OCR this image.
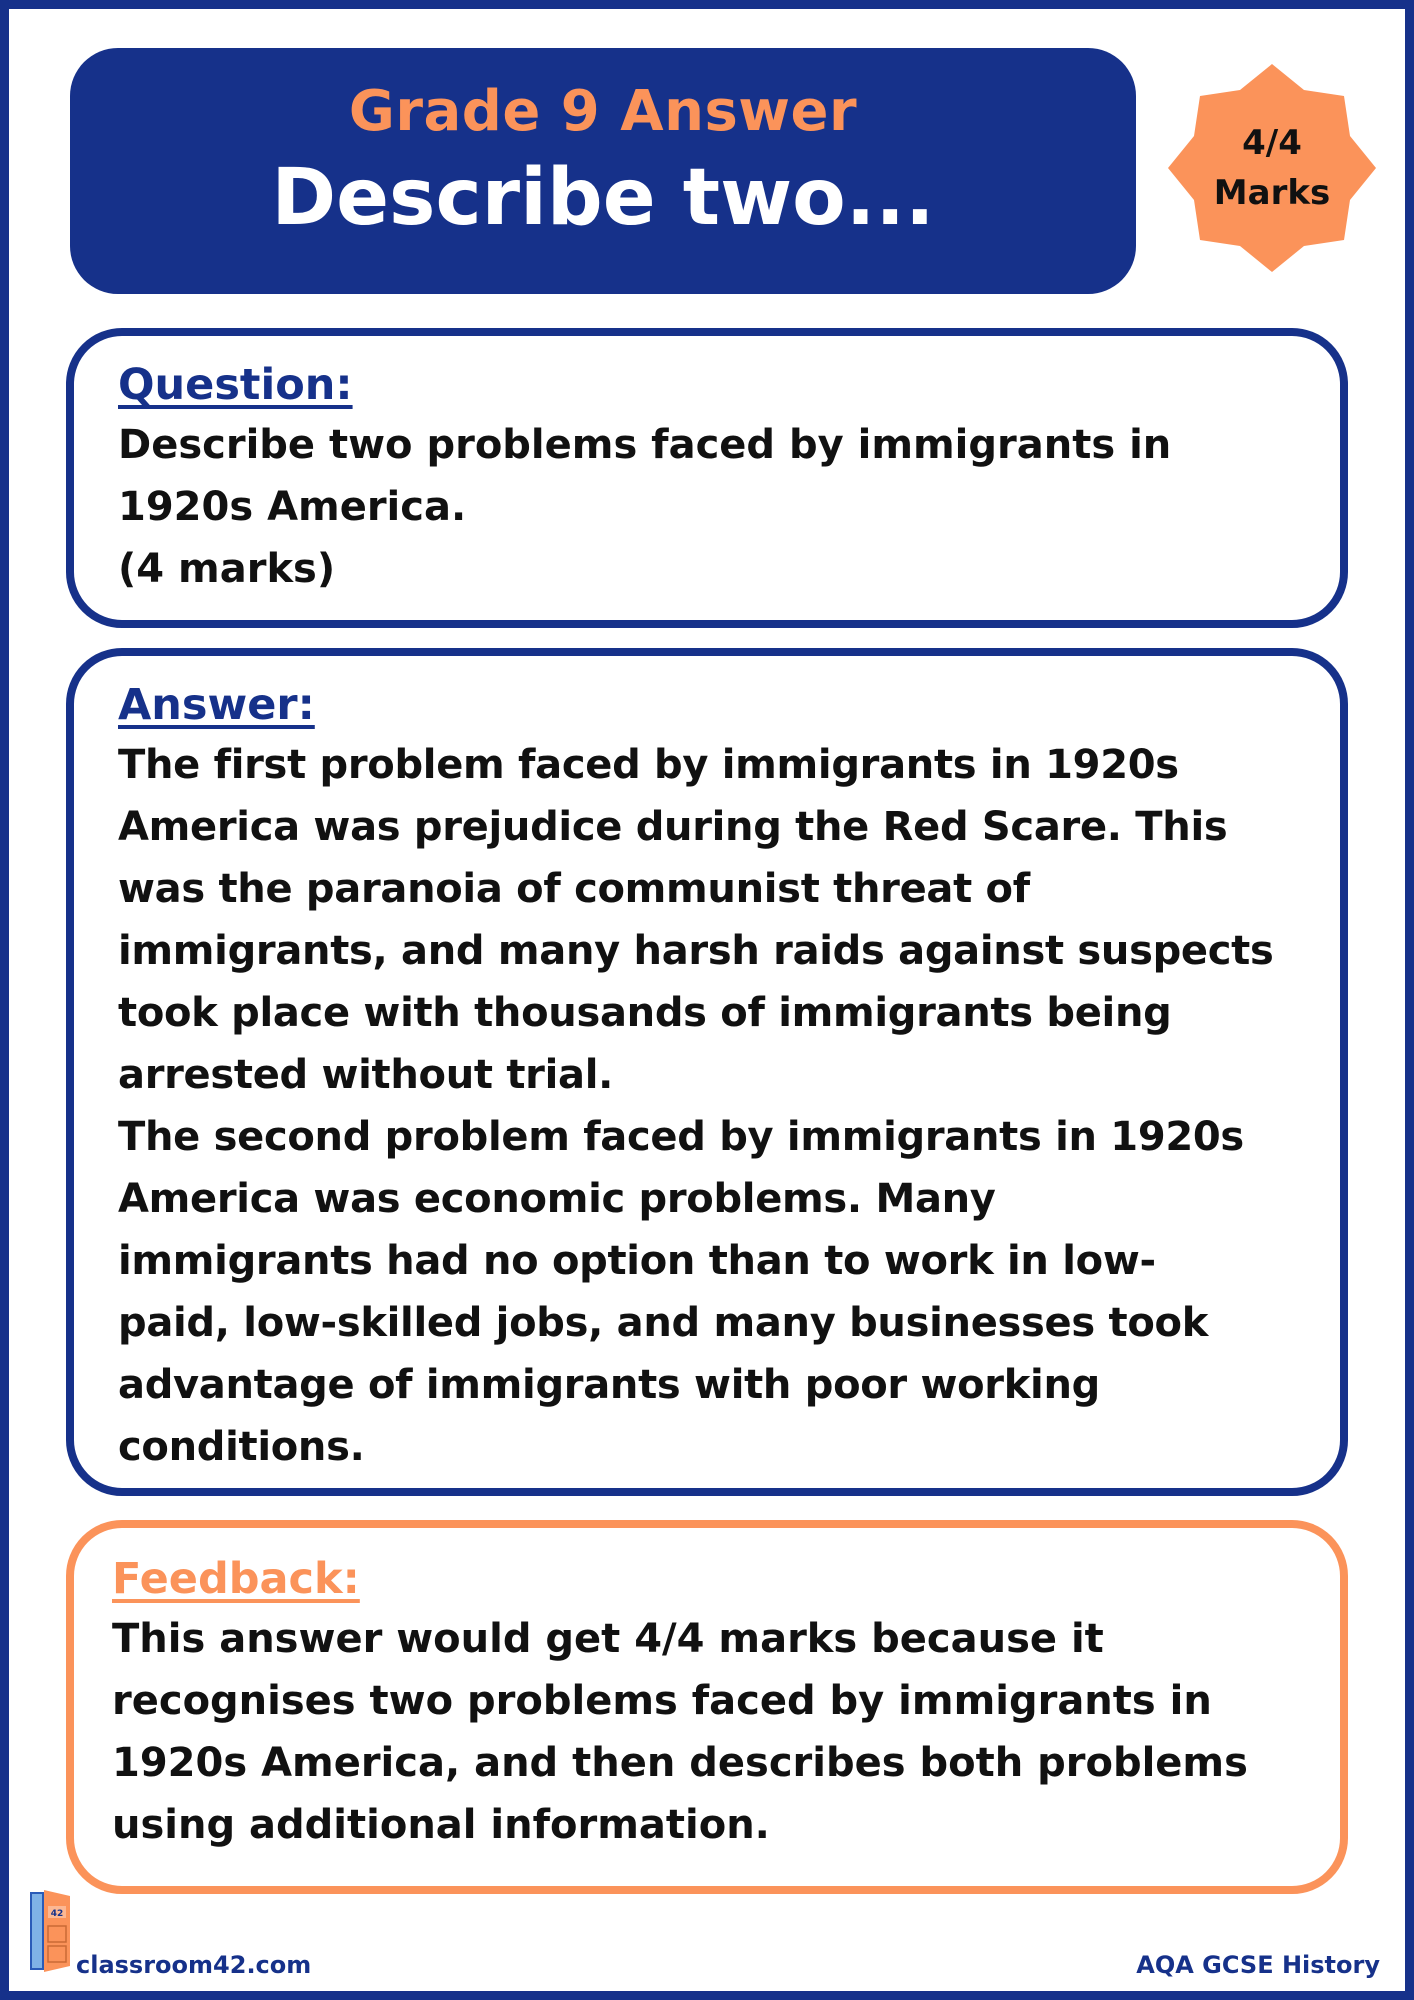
Grade 9 Answer
Describe two...
4/4
Marks
Question:

Describe two problems faced by immigrants in

1920s America.

(4 marks)

Answer:

The first problem faced by immigrants in 1920s

America was prejudice during the Red Scare. This

was the paranoia of communist threat of

immigrants, and many harsh raids against suspects

took place with thousands of immigrants being

arrested without trial.

The second problem faced by immigrants in 1920s

America was economic problems. Many

immigrants had no option than to work in low-

paid, low-skilled jobs, and many businesses took

advantage of immigrants with poor working

conditions.

Feedback:

This answer would get 4/4 marks because it

recognises two problems faced by immigrants in

1920s America, and then describes both problems

using additional information.

42
classroom42.com	AQA GCSE History
